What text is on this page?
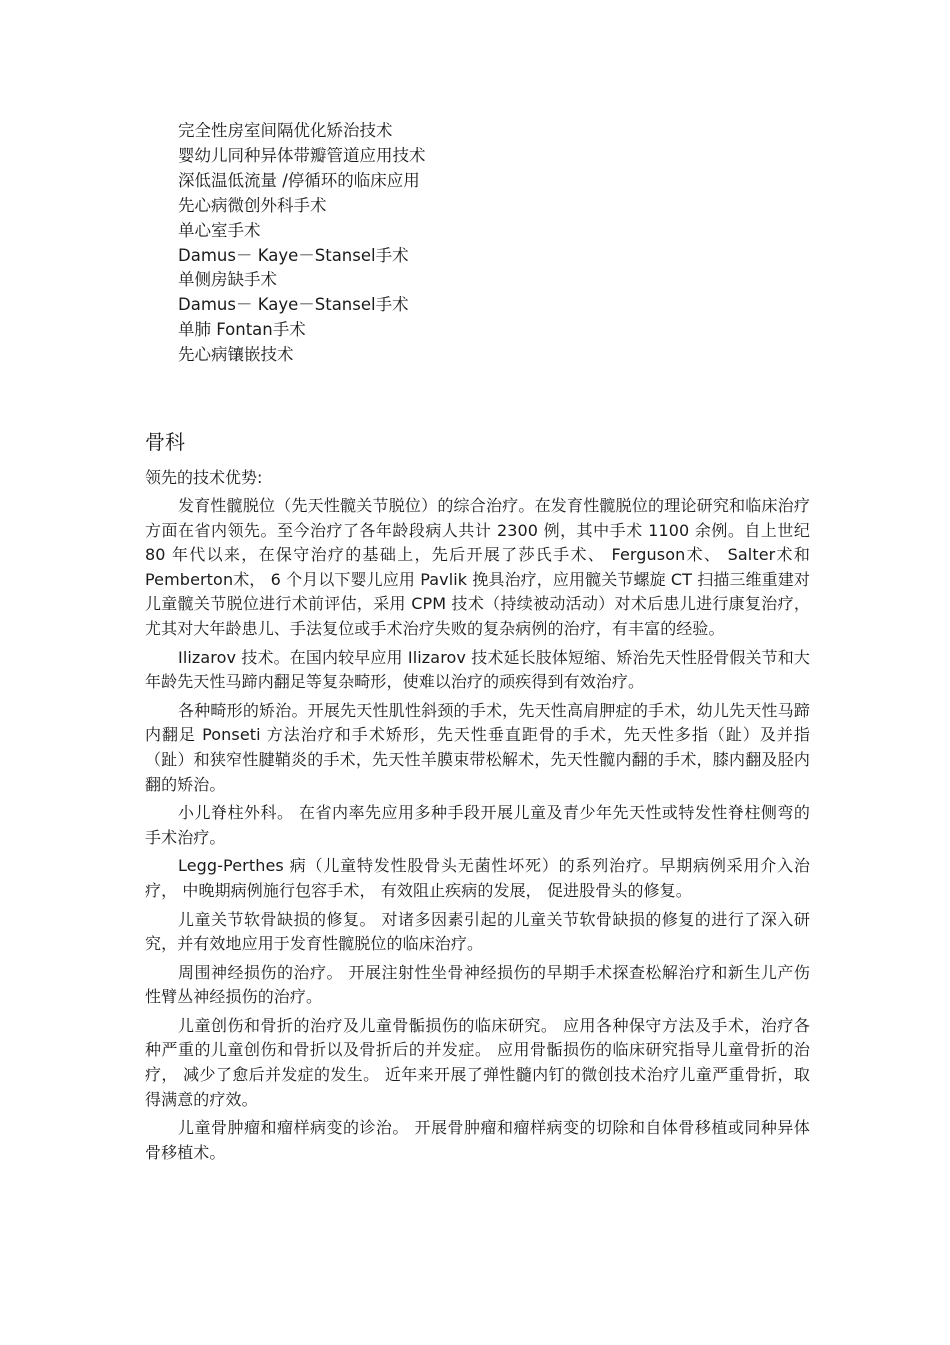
完全性房室间隔优化矫治技术
婴幼儿同种异体带瓣管道应用技术
深低温低流量 /停循环的临床应用
先心病微创外科手术
单心室手术
Damus－ Kaye－Stansel手术
单侧房缺手术
Damus－ Kaye－Stansel手术
单肺 Fontan手术
先心病镶嵌技术
骨科

领先的技术优势:

发育性髋脱位（先天性髋关节脱位）的综合治疗。在发育性髋脱位的理论研究和临床治疗方面在省内领先。至今治疗了各年龄段病人共计 2300 例，其中手术 1100 余例。自上世纪 80 年代以来，在保守治疗的基础上，先后开展了莎氏手术、 Ferguson术、 Salter术和 Pemberton术， 6 个月以下婴儿应用 Pavlik 挽具治疗，应用髋关节螺旋 CT 扫描三维重建对儿童髋关节脱位进行术前评估，采用 CPM 技术（持续被动活动）对术后患儿进行康复治疗，尤其对大年龄患儿、手法复位或手术治疗失败的复杂病例的治疗，有丰富的经验。

Ilizarov 技术。在国内较早应用 Ilizarov 技术延长肢体短缩、矫治先天性胫骨假关节和大年龄先天性马蹄内翻足等复杂畸形，使难以治疗的顽疾得到有效治疗。

各种畸形的矫治。开展先天性肌性斜颈的手术，先天性高肩胛症的手术，幼儿先天性马蹄内翻足 Ponseti 方法治疗和手术矫形，先天性垂直距骨的手术，先天性多指（趾）及并指（趾）和狭窄性腱鞘炎的手术，先天性羊膜束带松解术，先天性髋内翻的手术，膝内翻及胫内翻的矫治。

小儿脊柱外科。 在省内率先应用多种手段开展儿童及青少年先天性或特发性脊柱侧弯的手术治疗。

Legg-Perthes 病（儿童特发性股骨头无菌性坏死）的系列治疗。早期病例采用介入治疗， 中晚期病例施行包容手术， 有效阻止疾病的发展， 促进股骨头的修复。

儿童关节软骨缺损的修复。 对诸多因素引起的儿童关节软骨缺损的修复的进行了深入研究，并有效地应用于发育性髋脱位的临床治疗。

周围神经损伤的治疗。 开展注射性坐骨神经损伤的早期手术探查松解治疗和新生儿产伤性臂丛神经损伤的治疗。

儿童创伤和骨折的治疗及儿童骨骺损伤的临床研究。 应用各种保守方法及手术，治疗各种严重的儿童创伤和骨折以及骨折后的并发症。 应用骨骺损伤的临床研究指导儿童骨折的治疗， 减少了愈后并发症的发生。 近年来开展了弹性髓内钉的微创技术治疗儿童严重骨折，取得满意的疗效。

儿童骨肿瘤和瘤样病变的诊治。 开展骨肿瘤和瘤样病变的切除和自体骨移植或同种异体骨移植术。
